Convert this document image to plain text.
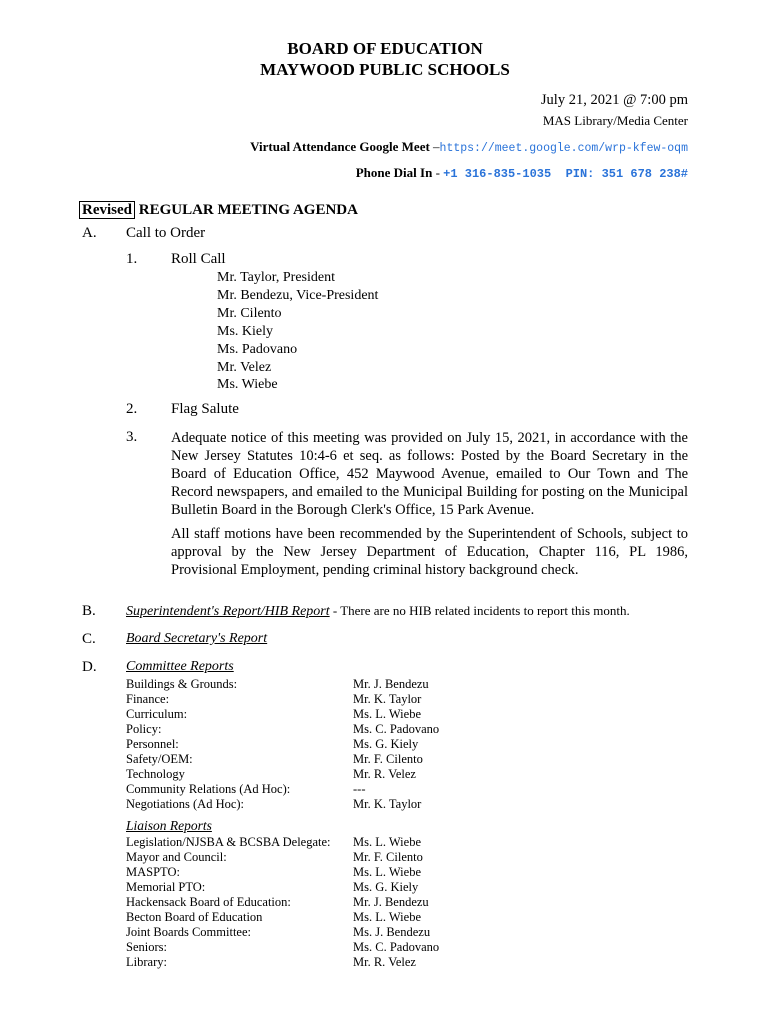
BOARD OF EDUCATION
MAYWOOD PUBLIC SCHOOLS
July 21, 2021 @ 7:00 pm
MAS Library/Media Center
Virtual Attendance Google Meet –https://meet.google.com/wrp-kfew-oqm
Phone Dial In - +1 316-835-1035  PIN: 351 678 238#
Revised REGULAR MEETING AGENDA
A. Call to Order
1. Roll Call
Mr. Taylor, President
Mr. Bendezu, Vice-President
Mr. Cilento
Ms. Kiely
Ms. Padovano
Mr. Velez
Ms. Wiebe
2. Flag Salute
3. Adequate notice of this meeting was provided on July 15, 2021, in accordance with the New Jersey Statutes 10:4-6 et seq. as follows: Posted by the Board Secretary in the Board of Education Office, 452 Maywood Avenue, emailed to Our Town and The Record newspapers, and emailed to the Municipal Building for posting on the Municipal Bulletin Board in the Borough Clerk's Office, 15 Park Avenue.
All staff motions have been recommended by the Superintendent of Schools, subject to approval by the New Jersey Department of Education, Chapter 116, PL 1986, Provisional Employment, pending criminal history background check.
B. Superintendent's Report/HIB Report - There are no HIB related incidents to report this month.
C. Board Secretary's Report
D. Committee Reports
Buildings & Grounds:	Mr. J. Bendezu
Finance:	Mr. K. Taylor
Curriculum:	Ms. L. Wiebe
Policy:	Ms. C. Padovano
Personnel:	Ms. G. Kiely
Safety/OEM:	Mr. F. Cilento
Technology	Mr. R. Velez
Community Relations (Ad Hoc):	---
Negotiations (Ad Hoc):	Mr. K. Taylor
Liaison Reports
Legislation/NJSBA & BCSBA Delegate: Ms. L. Wiebe
Mayor and Council:	Mr. F. Cilento
MASPTO:	Ms. L. Wiebe
Memorial PTO:	Ms. G. Kiely
Hackensack Board of Education:	Mr. J. Bendezu
Becton Board of Education	Ms. L. Wiebe
Joint Boards Committee:	Ms. J. Bendezu
Seniors:	Ms. C. Padovano
Library:	Mr. R. Velez
